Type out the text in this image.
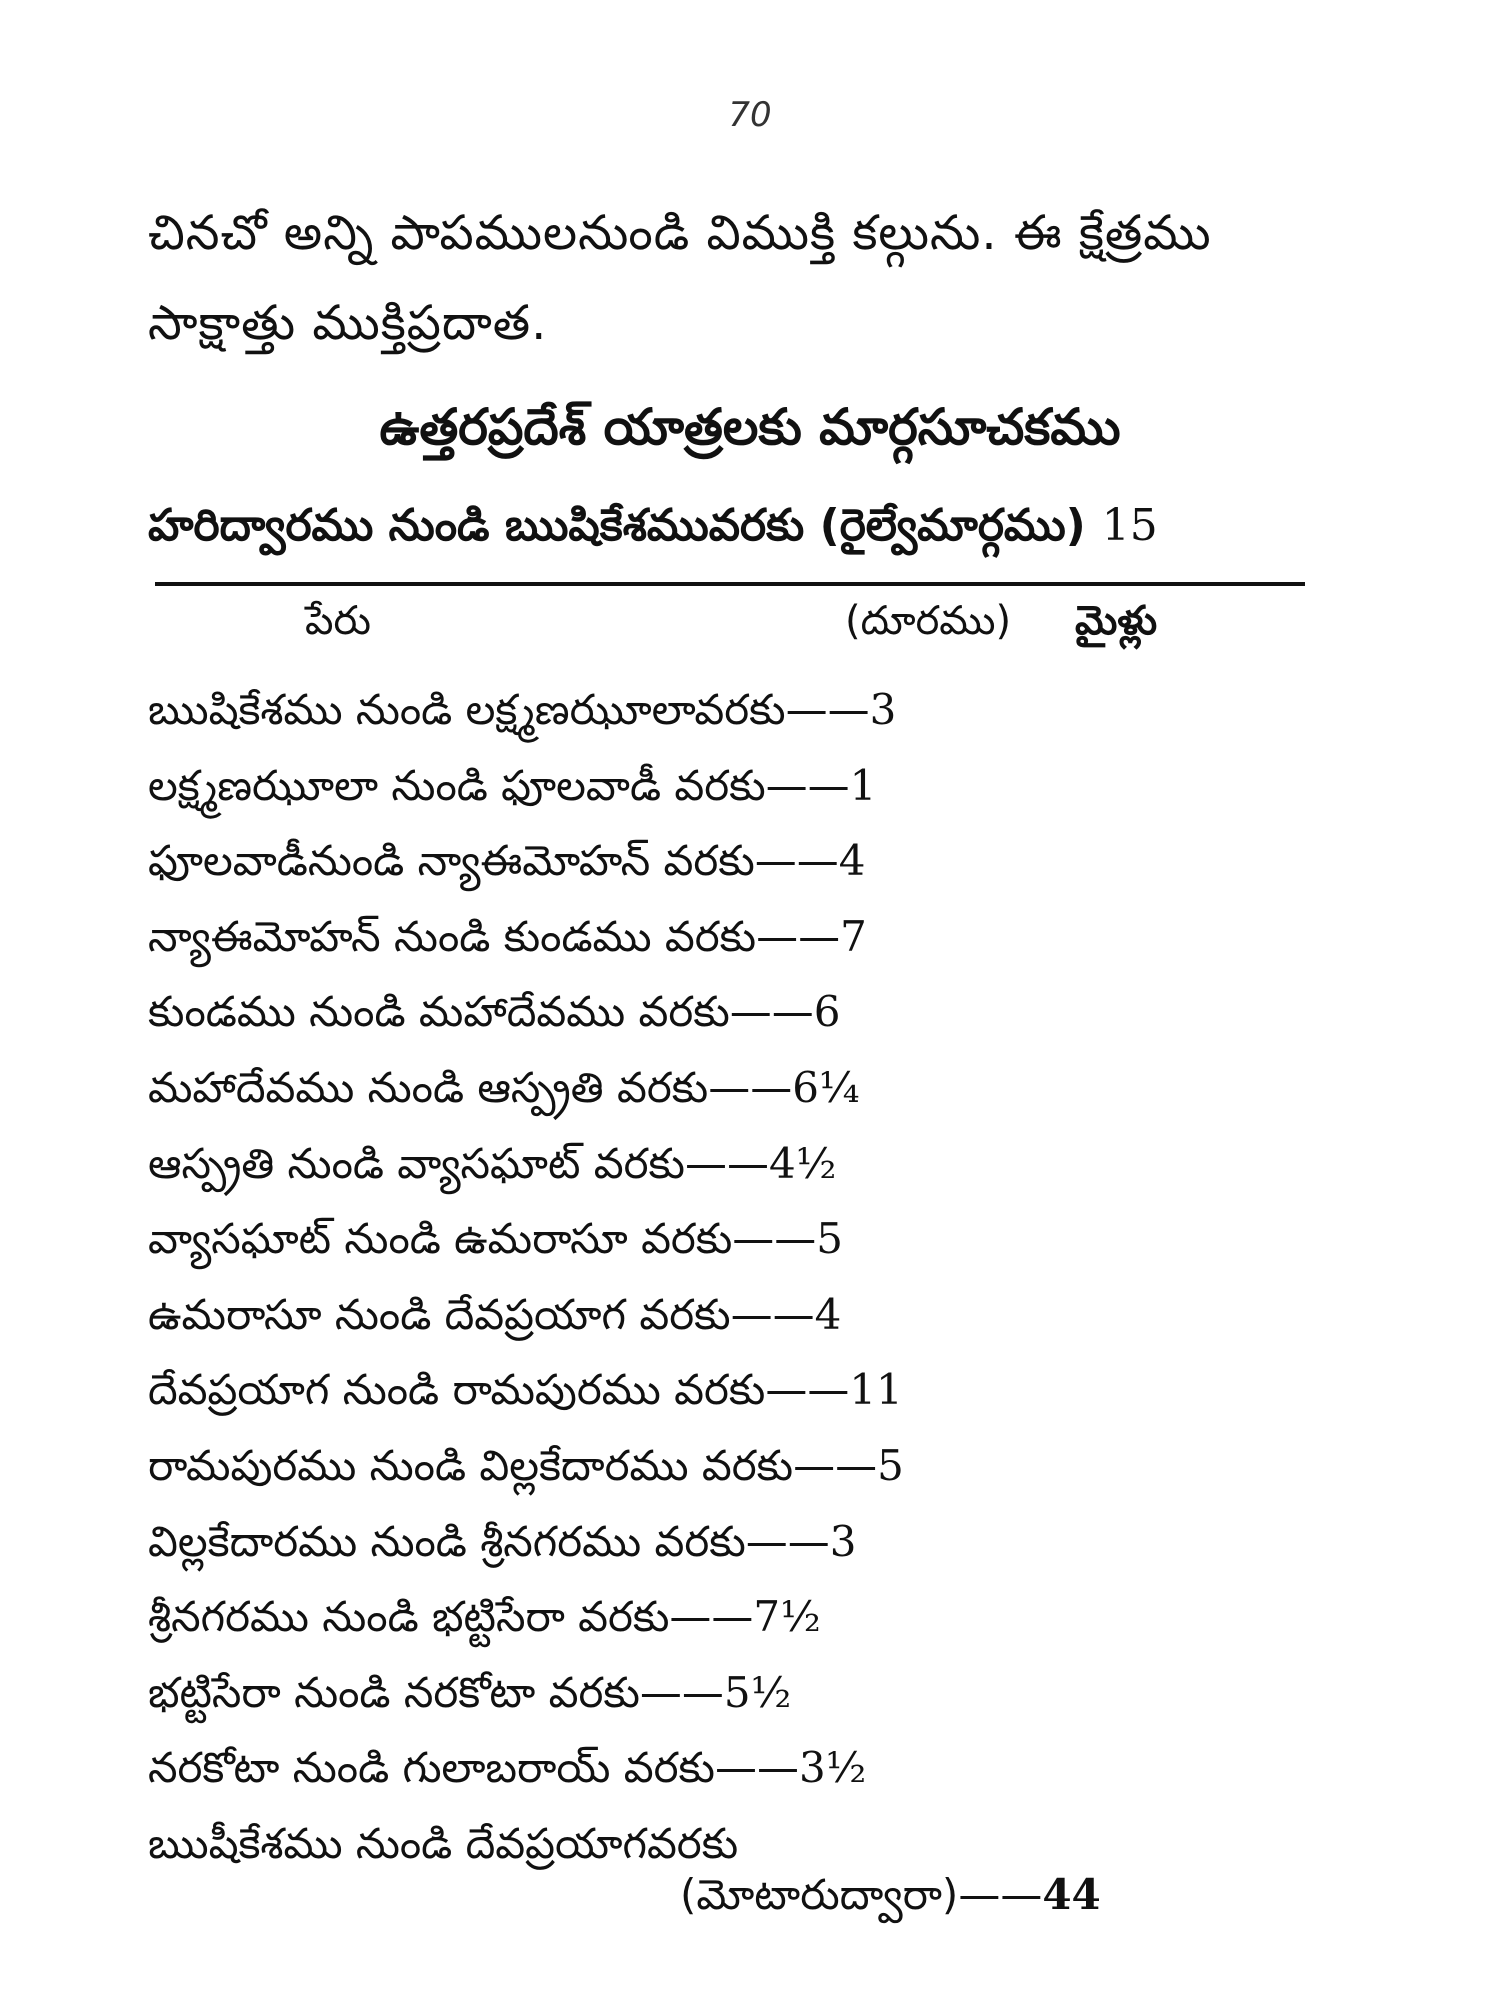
70

చినచో అన్ని పాపములనుండి విముక్తి కల్గును. ఈ క్షేత్రము
సాక్షాత్తు ముక్తిప్రదాత.

ఉత్తరప్రదేశ్ యాత్రలకు మార్గసూచకము
హరిద్వారము నుండి ఋషికేశమువరకు (రైల్వేమార్గము) 15
పేరు	(దూరము) మైళ్లు
ఋషికేశము నుండి లక్ష్మణఝూలావరకు——3
లక్ష్మణఝూలా నుండి ఫూలవాడీ వరకు——1
ఫూలవాడీనుండి న్యాఈమోహన్ వరకు——4
న్యాఈమోహన్ నుండి కుండము వరకు——7
కుండము నుండి మహాదేవము వరకు——6
మహాదేవము నుండి ఆస్ప్రతి వరకు——6¼
ఆస్ప్రతి నుండి వ్యాసఘాట్ వరకు——4½
వ్యాసఘాట్ నుండి ఉమరాసూ వరకు——5
ఉమరాసూ నుండి దేవప్రయాగ వరకు——4
దేవప్రయాగ నుండి రామపురము వరకు——11
రామపురము నుండి విల్లకేదారము వరకు——5
విల్లకేదారము నుండి శ్రీనగరము వరకు——3
శ్రీనగరము నుండి భట్టిసేరా వరకు——7½
భట్టిసేరా నుండి నరకోటా వరకు——5½
నరకోటా నుండి గులాబరాయ్ వరకు——3½
ఋషీకేశము నుండి దేవప్రయాగవరకు
(మోటారుద్వారా)——44
